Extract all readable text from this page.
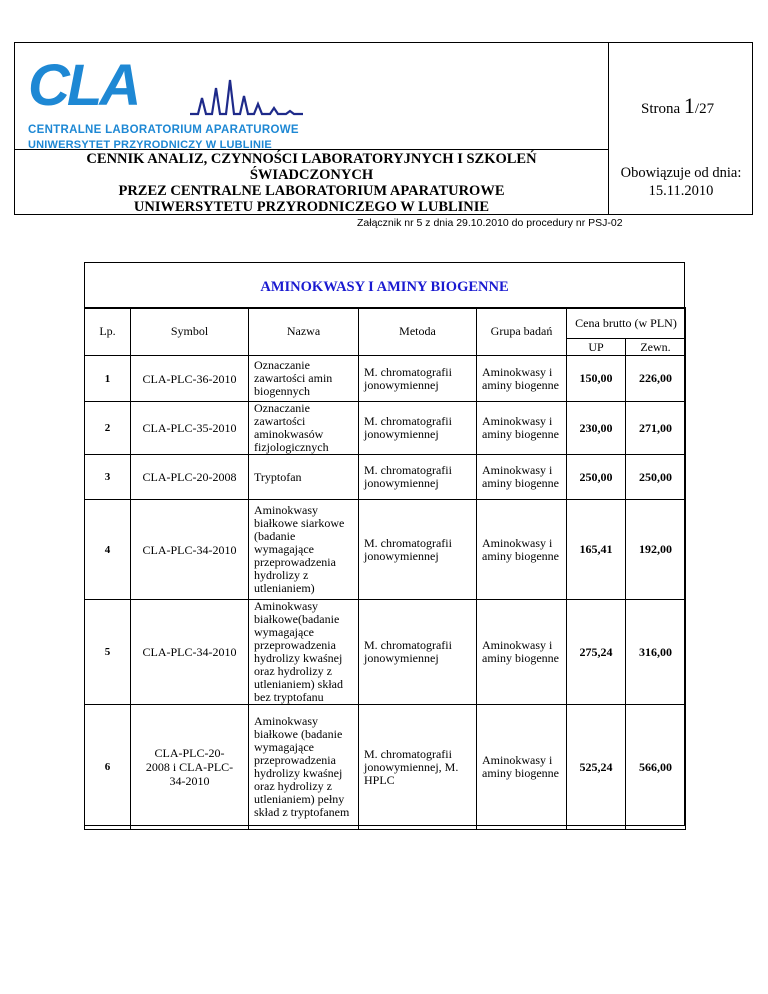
CLA
CENTRALNE LABORATORIUM APARATUROWE
UNIWERSYTET PRZYRODNICZY W LUBLINIE
Strona 1/27
CENNIK ANALIZ, CZYNNOŚCI LABORATORYJNYCH I SZKOLEŃ
ŚWIADCZONYCH
PRZEZ CENTRALNE LABORATORIUM APARATUROWE
UNIWERSYTETU PRZYRODNICZEGO W LUBLINIE
Obowiązuje od dnia:
15.11.2010
Załącznik nr 5 z dnia 29.10.2010 do procedury nr PSJ-02
AMINOKWASY I AMINY BIOGENNE
Lp.	Symbol	Nazwa	Metoda	Grupa badań	Cena brutto (w PLN)	
					UP	Zewn.
1	CLA-PLC-36-2010	Oznaczanie zawartości amin biogennych	M. chromatografii jonowymiennej	Aminokwasy i aminy biogenne	150,00	226,00
2	CLA-PLC-35-2010	Oznaczanie zawartości aminokwasów fizjologicznych	M. chromatografii jonowymiennej	Aminokwasy i aminy biogenne	230,00	271,00
3	CLA-PLC-20-2008	Tryptofan	M. chromatografii jonowymiennej	Aminokwasy i aminy biogenne	250,00	250,00
4	CLA-PLC-34-2010	Aminokwasy białkowe siarkowe (badanie wymagające przeprowadzenia hydrolizy z utlenianiem)	M. chromatografii jonowymiennej	Aminokwasy i aminy biogenne	165,41	192,00
5	CLA-PLC-34-2010	Aminokwasy białkowe(badanie wymagające przeprowadzenia hydrolizy kwaśnej oraz hydrolizy z utlenianiem) skład bez tryptofanu	M. chromatografii jonowymiennej	Aminokwasy i aminy biogenne	275,24	316,00
6	CLA-PLC-20-2008 i CLA-PLC-34-2010	Aminokwasy białkowe (badanie wymagające przeprowadzenia hydrolizy kwaśnej oraz hydrolizy z utlenianiem) pełny skład z tryptofanem	M. chromatografii jonowymiennej, M. HPLC	Aminokwasy i aminy biogenne	525,24	566,00
